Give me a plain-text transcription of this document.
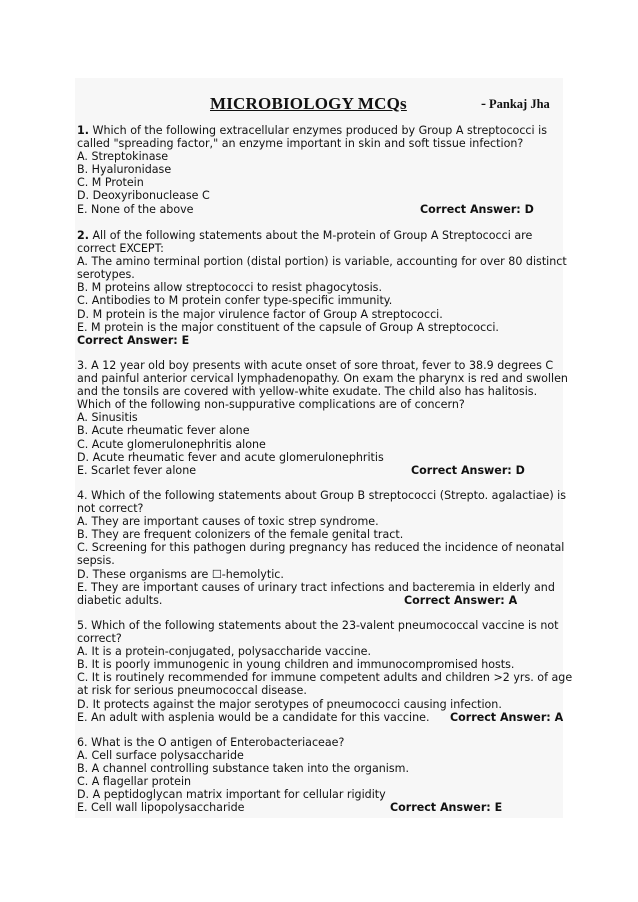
MICROBIOLOGY MCQs	- Pankaj Jha
1. Which of the following extracellular enzymes produced by Group A streptococci is
called "spreading factor," an enzyme important in skin and soft tissue infection?
A. Streptokinase
B. Hyaluronidase
C. M Protein
D. Deoxyribonuclease C
E. None of the above	Correct Answer: D
2. All of the following statements about the M-protein of Group A Streptococci are
correct EXCEPT:
A. The amino terminal portion (distal portion) is variable, accounting for over 80 distinct
serotypes.
B. M proteins allow streptococci to resist phagocytosis.
C. Antibodies to M protein confer type-specific immunity.
D. M protein is the major virulence factor of Group A streptococci.
E. M protein is the major constituent of the capsule of Group A streptococci.
Correct Answer: E
3. A 12 year old boy presents with acute onset of sore throat, fever to 38.9 degrees C
and painful anterior cervical lymphadenopathy. On exam the pharynx is red and swollen
and the tonsils are covered with yellow-white exudate. The child also has halitosis.
Which of the following non-suppurative complications are of concern?
A. Sinusitis
B. Acute rheumatic fever alone
C. Acute glomerulonephritis alone
D. Acute rheumatic fever and acute glomerulonephritis
E. Scarlet fever alone	Correct Answer: D
4. Which of the following statements about Group B streptococci (Strepto. agalactiae) is
not correct?
A. They are important causes of toxic strep syndrome.
B. They are frequent colonizers of the female genital tract.
C. Screening for this pathogen during pregnancy has reduced the incidence of neonatal
sepsis.
D. These organisms are ☐-hemolytic.
E. They are important causes of urinary tract infections and bacteremia in elderly and
diabetic adults.	Correct Answer: A
5. Which of the following statements about the 23-valent pneumococcal vaccine is not
correct?
A. It is a protein-conjugated, polysaccharide vaccine.
B. It is poorly immunogenic in young children and immunocompromised hosts.
C. It is routinely recommended for immune competent adults and children >2 yrs. of age
at risk for serious pneumococcal disease.
D. It protects against the major serotypes of pneumococci causing infection.
E. An adult with asplenia would be a candidate for this vaccine. Correct Answer: A
6. What is the O antigen of Enterobacteriaceae?
A. Cell surface polysaccharide
B. A channel controlling substance taken into the organism.
C. A flagellar protein
D. A peptidoglycan matrix important for cellular rigidity
E. Cell wall lipopolysaccharide	Correct Answer: E
